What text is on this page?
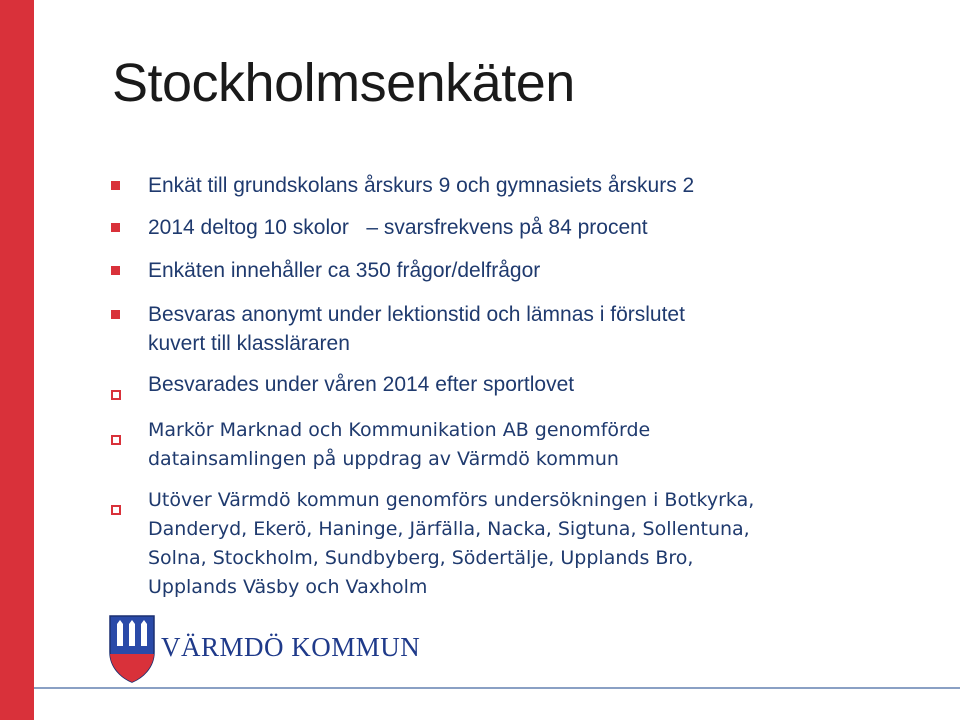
Stockholmsenkäten
Enkät till grundskolans årskurs 9 och gymnasiets årskurs 2
2014 deltog 10 skolor   – svarsfrekvens på 84 procent
Enkäten innehåller ca 350 frågor/delfrågor
Besvaras anonymt under lektionstid och lämnas i förslutet
kuvert till klassläraren
Besvarades under våren 2014 efter sportlovet
Markör Marknad och Kommunikation AB genomförde
datainsamlingen på uppdrag av Värmdö kommun
Utöver Värmdö kommun genomförs undersökningen i Botkyrka,
Danderyd, Ekerö, Haninge, Järfälla, Nacka, Sigtuna, Sollentuna,
Solna, Stockholm, Sundbyberg, Södertälje, Upplands Bro,
Upplands Väsby och Vaxholm
VÄRMDÖ KOMMUN
